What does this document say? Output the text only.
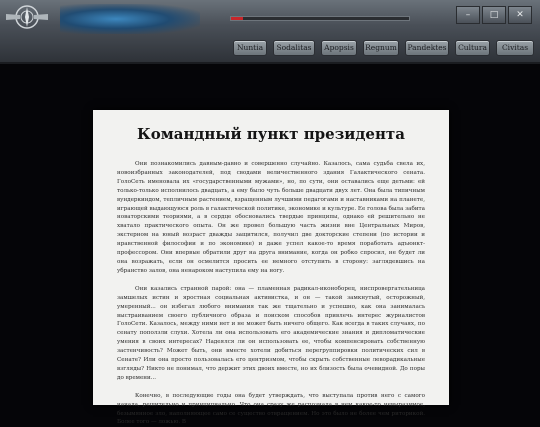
–	□	✕
Nuntia	Sodalitas	Apopsis	Regnum	Pandektes	Cultura	Civitas
Командный пункт президента

Они познакомились давным-давно и совершенно случайно. Казалось, сама судьба свела их, новоизбранных законодателей, под сводами величественного здания Галактического сената. ГолоСеть именовала их «государственными мужами», но, по сути, они оставались еще детьми: ей только-только исполнилось двадцать, а ему было чуть больше двадцати двух лет. Она была типичным вундеркиндом, тепличным растением, взращенным лучшими педагогами и наставниками на планете, играющей выдающуюся роль в галактической политике, экономике и культуре. Ее голова была забита новаторскими теориями, а в сердце обосновались твердые принципы, однако ей решительно не хватало практического опыта. Он же провел большую часть жизни вне Центральных Миров, экстерном на юный возраст дважды защитился, получил две докторские степени (по истории и нравственной философии и по экономике) и даже успел какое-то время поработать адъюнкт-профессором. Они впервые обратили друг на друга внимание, когда он робко спросил, не будет ли она возражать, если он осмелится просить ее немного отступить в сторону: заглядевшись на убранство залов, она ненароком наступила ему на ногу.

Они казались странной парой: она — пламенная радикал-иконоборец, ниспровергательница замшелых истин и яростная социальная активистка, и он — такой замкнутый, осторожный, умеренный... он избегал любого внимания так же тщательно и успешно, как она занималась выстраиванием своего публичного образа и поиском способов привлечь интерес журналистов ГолоСети. Казалось, между ними нет и не может быть ничего общего. Как всегда в таких случаях, по сенату поползли слухи. Хотела ли она использовать его академические знания и дипломатические умения в своих интересах? Надеялся ли он использовать ее, чтобы компенсировать собственную застенчивость? Может быть, они вместе хотели добиться перегруппировки политических сил в Сенате? Или она просто пользовалась его центризмом, чтобы скрыть собственные леворадикальные взгляды? Никто не понимал, что держит этих двоих вместе, но их близость была очевидной. До поры до времени...

Конечно, в последующие годы она будет утверждать, что выступала против него с самого начала, решительно и принципиально. Что она сразу же распознала в нем какое-то невыразимое, безымянное зло, наполняющее само се существо отвращением. Но это было не более чем риторикой. Более того — ложью. В
